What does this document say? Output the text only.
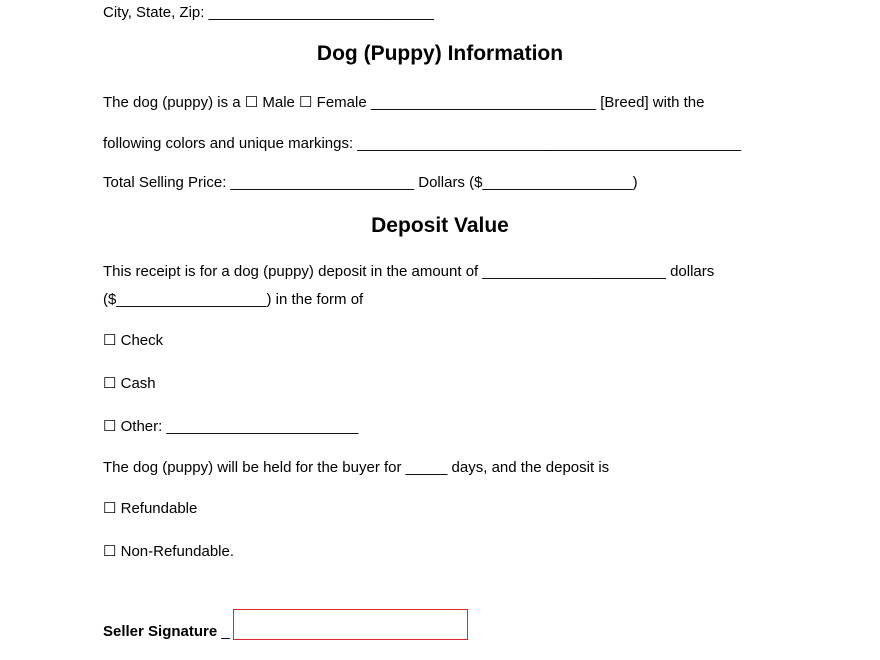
City, State, Zip: ___________________________
Dog (Puppy) Information
The dog (puppy) is a ☐ Male ☐ Female ___________________________ [Breed] with the
following colors and unique markings: ______________________________________________
Total Selling Price: ______________________ Dollars ($__________________)
Deposit Value
This receipt is for a dog (puppy) deposit in the amount of ______________________ dollars
($__________________) in the form of
☐ Check
☐ Cash
☐ Other: _______________________
The dog (puppy) will be held for the buyer for _____ days, and the deposit is
☐ Refundable
☐ Non-Refundable.
Seller Signature _
